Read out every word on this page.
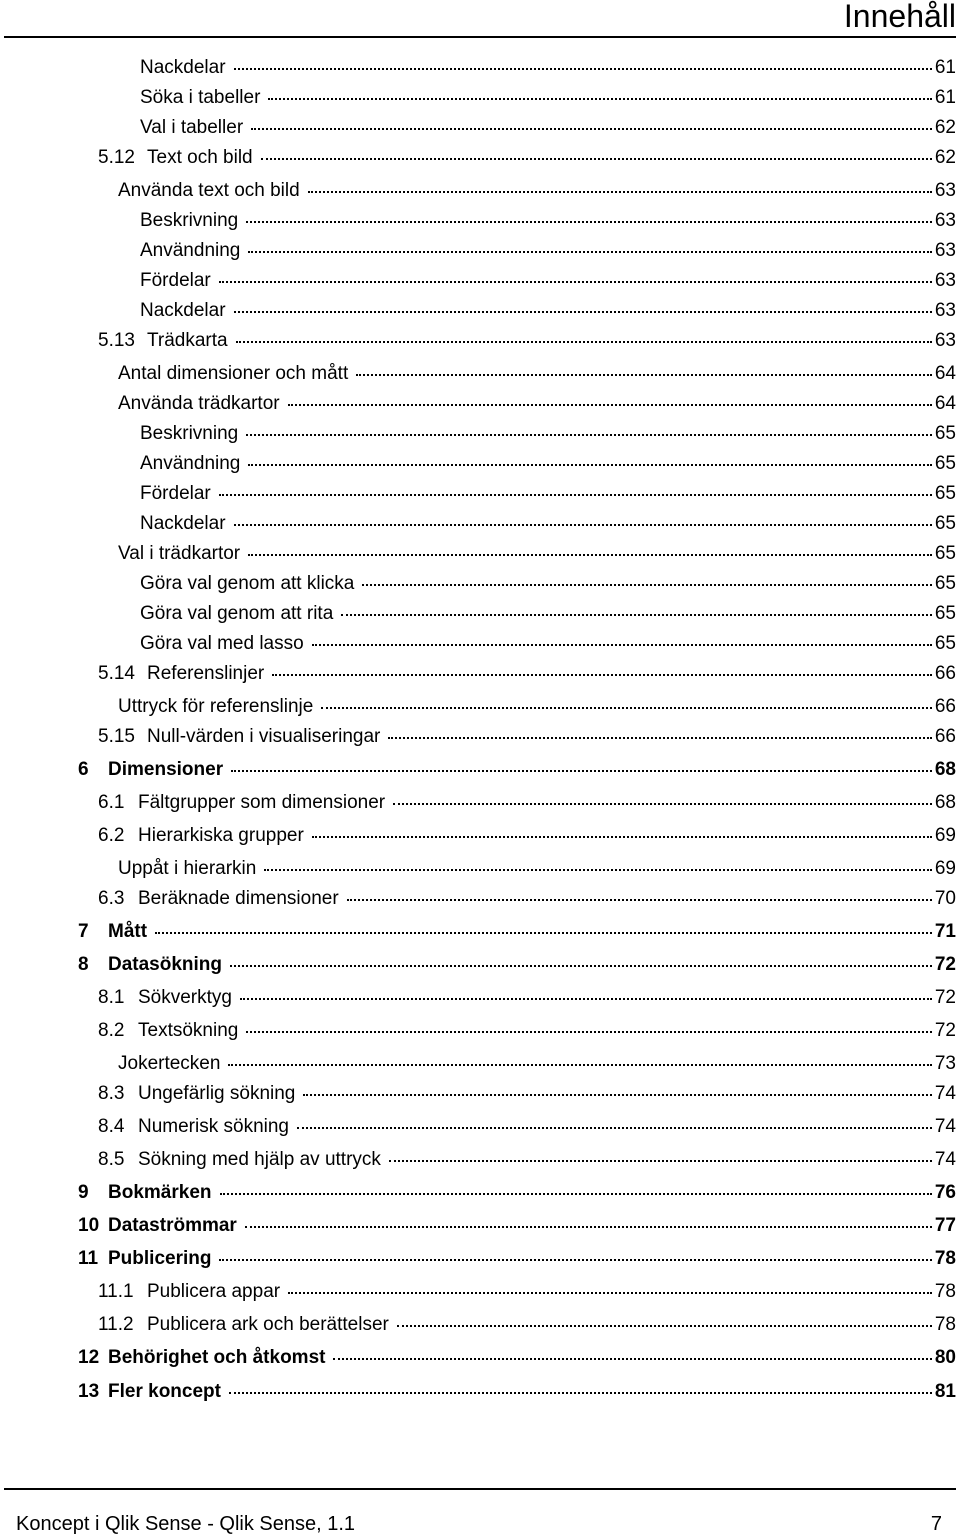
Innehåll
Nackdelar	61
Söka i tabeller	61
Val i tabeller	62
5.12 Text och bild	62
Använda text och bild	63
Beskrivning	63
Användning	63
Fördelar	63
Nackdelar	63
5.13 Trädkarta	63
Antal dimensioner och mått	64
Använda trädkartor	64
Beskrivning	65
Användning	65
Fördelar	65
Nackdelar	65
Val i trädkartor	65
Göra val genom att klicka	65
Göra val genom att rita	65
Göra val med lasso	65
5.14 Referenslinjer	66
Uttryck för referenslinje	66
5.15 Null-värden i visualiseringar	66
6	Dimensioner	68
6.1 Fältgrupper som dimensioner	68
6.2 Hierarkiska grupper	69
Uppåt i hierarkin	69
6.3 Beräknade dimensioner	70
7	Mått	71
8	Datasökning	72
8.1 Sökverktyg	72
8.2 Textsökning	72
Jokertecken	73
8.3 Ungefärlig sökning	74
8.4 Numerisk sökning	74
8.5 Sökning med hjälp av uttryck	74
9	Bokmärken	76
10 Dataströmmar	77
11 Publicering	78
11.1 Publicera appar	78
11.2 Publicera ark och berättelser	78
12 Behörighet och åtkomst	80
13 Fler koncept	81
Koncept i Qlik Sense - Qlik Sense, 1.1	7
